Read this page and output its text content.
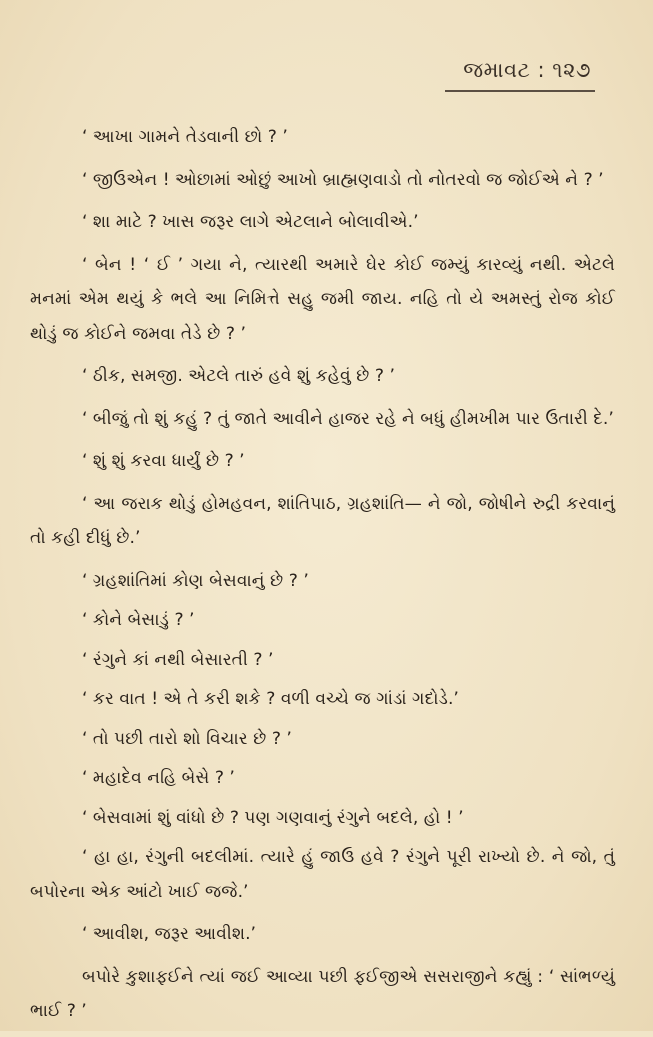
જમાવટ : ૧૨૭

‘ આખા ગામને તેડવાની છો ? ’

‘ જીઉએન ! ઓછામાં ઓછું આખો બ્રાહ્મણવાડો તો નોતરવો જ જોઈએ ને ? ’

‘ શા માટે ? ખાસ જરૂર લાગે એટલાને બોલાવીએ.’

‘ બેન ! ‘ ઈ ’ ગયા ને, ત્યારથી અમારે ઘેર કોઈ જમ્યું કારવ્યું નથી. એટલે મનમાં એમ થયું કે ભલે આ નિમિત્તે સહુ જમી જાય. નહિ તો યે અમસ્તું રોજ કોઈ થોડું જ કોઈને જમવા તેડે છે ? ’

‘ ઠીક, સમજી. એટલે તારું હવે શું કહેવું છે ? ’

‘ બીજું તો શું કહું ? તું જાતે આવીને હાજર રહે ને બધું હીમખીમ પાર ઉતારી દે.’

‘ શું શું કરવા ધાર્યું છે ? ’

‘ આ જરાક થોડું હોમહવન, શાંતિપાઠ, ગ્રહશાંતિ— ને જો, જોષીને રુદ્રી કરવાનું તો કહી દીધું છે.’

‘ ગ્રહશાંતિમાં કોણ બેસવાનું છે ? ’

‘ કોને બેસાડું ? ’

‘ રંગુને કાં નથી બેસારતી ? ’

‘ કર વાત ! એ તે કરી શકે ? વળી વચ્ચે જ ગાંડાં ગદોડે.’

‘ તો પછી તારો શો વિચાર છે ? ’

‘ મહાદેવ નહિ બેસે ? ’

‘ બેસવામાં શું વાંધો છે ? પણ ગણવાનું રંગુને બદલે, હો ! ’

‘ હા હા, રંગુની બદલીમાં. ત્યારે હું જાઉ હવે ? રંગુને પૂરી રાખ્યો છે. ને જો, તું બપોરના એક આંટો ખાઈ જજે.’

‘ આવીશ, જરૂર આવીશ.’

બપોરે કુશાફઈને ત્યાં જઈ આવ્યા પછી ફઈજીએ સસરાજીને કહ્યું : ‘ સાંભળ્યું ભાઈ ? ’
